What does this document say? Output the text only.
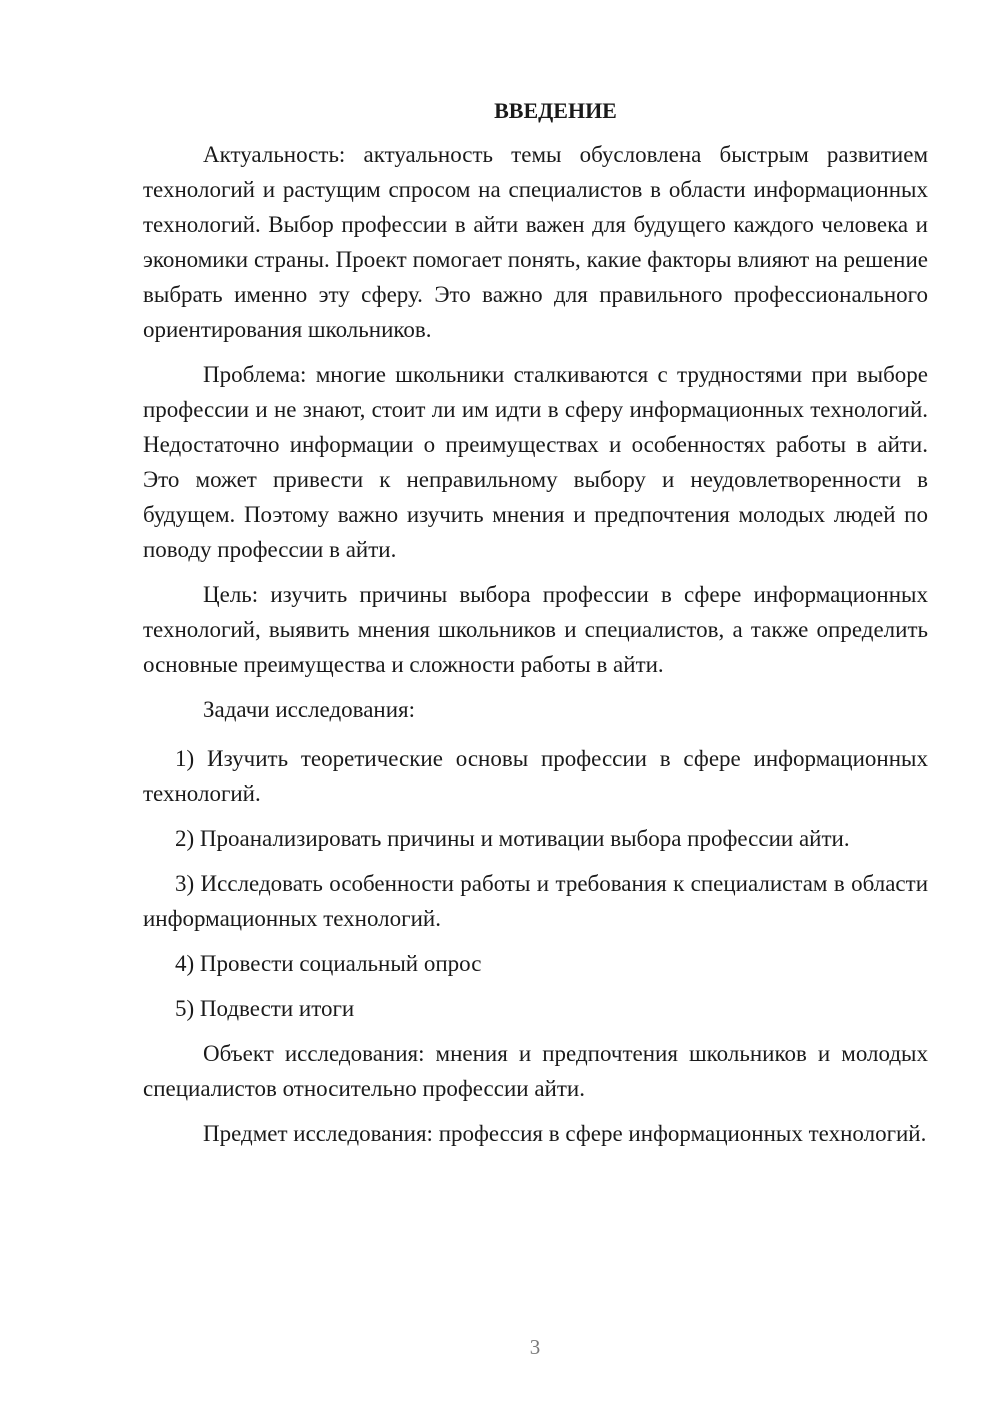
ВВЕДЕНИЕ

Актуальность: актуальность темы обусловлена быстрым развитием технологий и растущим спросом на специалистов в области информационных технологий. Выбор профессии в айти важен для будущего каждого человека и экономики страны. Проект помогает понять, какие факторы влияют на решение выбрать именно эту сферу. Это важно для правильного профессионального ориентирования школьников.

Проблема: многие школьники сталкиваются с трудностями при выборе профессии и не знают, стоит ли им идти в сферу информационных технологий. Недостаточно информации о преимуществах и особенностях работы в айти. Это может привести к неправильному выбору и неудовлетворенности в будущем. Поэтому важно изучить мнения и предпочтения молодых людей по поводу профессии в айти.

Цель: изучить причины выбора профессии в сфере информационных технологий, выявить мнения школьников и специалистов, а также определить основные преимущества и сложности работы в айти.

Задачи исследования:

1) Изучить теоретические основы профессии в сфере информационных технологий.

2) Проанализировать причины и мотивации выбора профессии айти.

3) Исследовать особенности работы и требования к специалистам в области информационных технологий.

4) Провести социальный опрос

5) Подвести итоги

Объект исследования: мнения и предпочтения школьников и молодых специалистов относительно профессии айти.

Предмет исследования: профессия в сфере информационных технологий.

3
